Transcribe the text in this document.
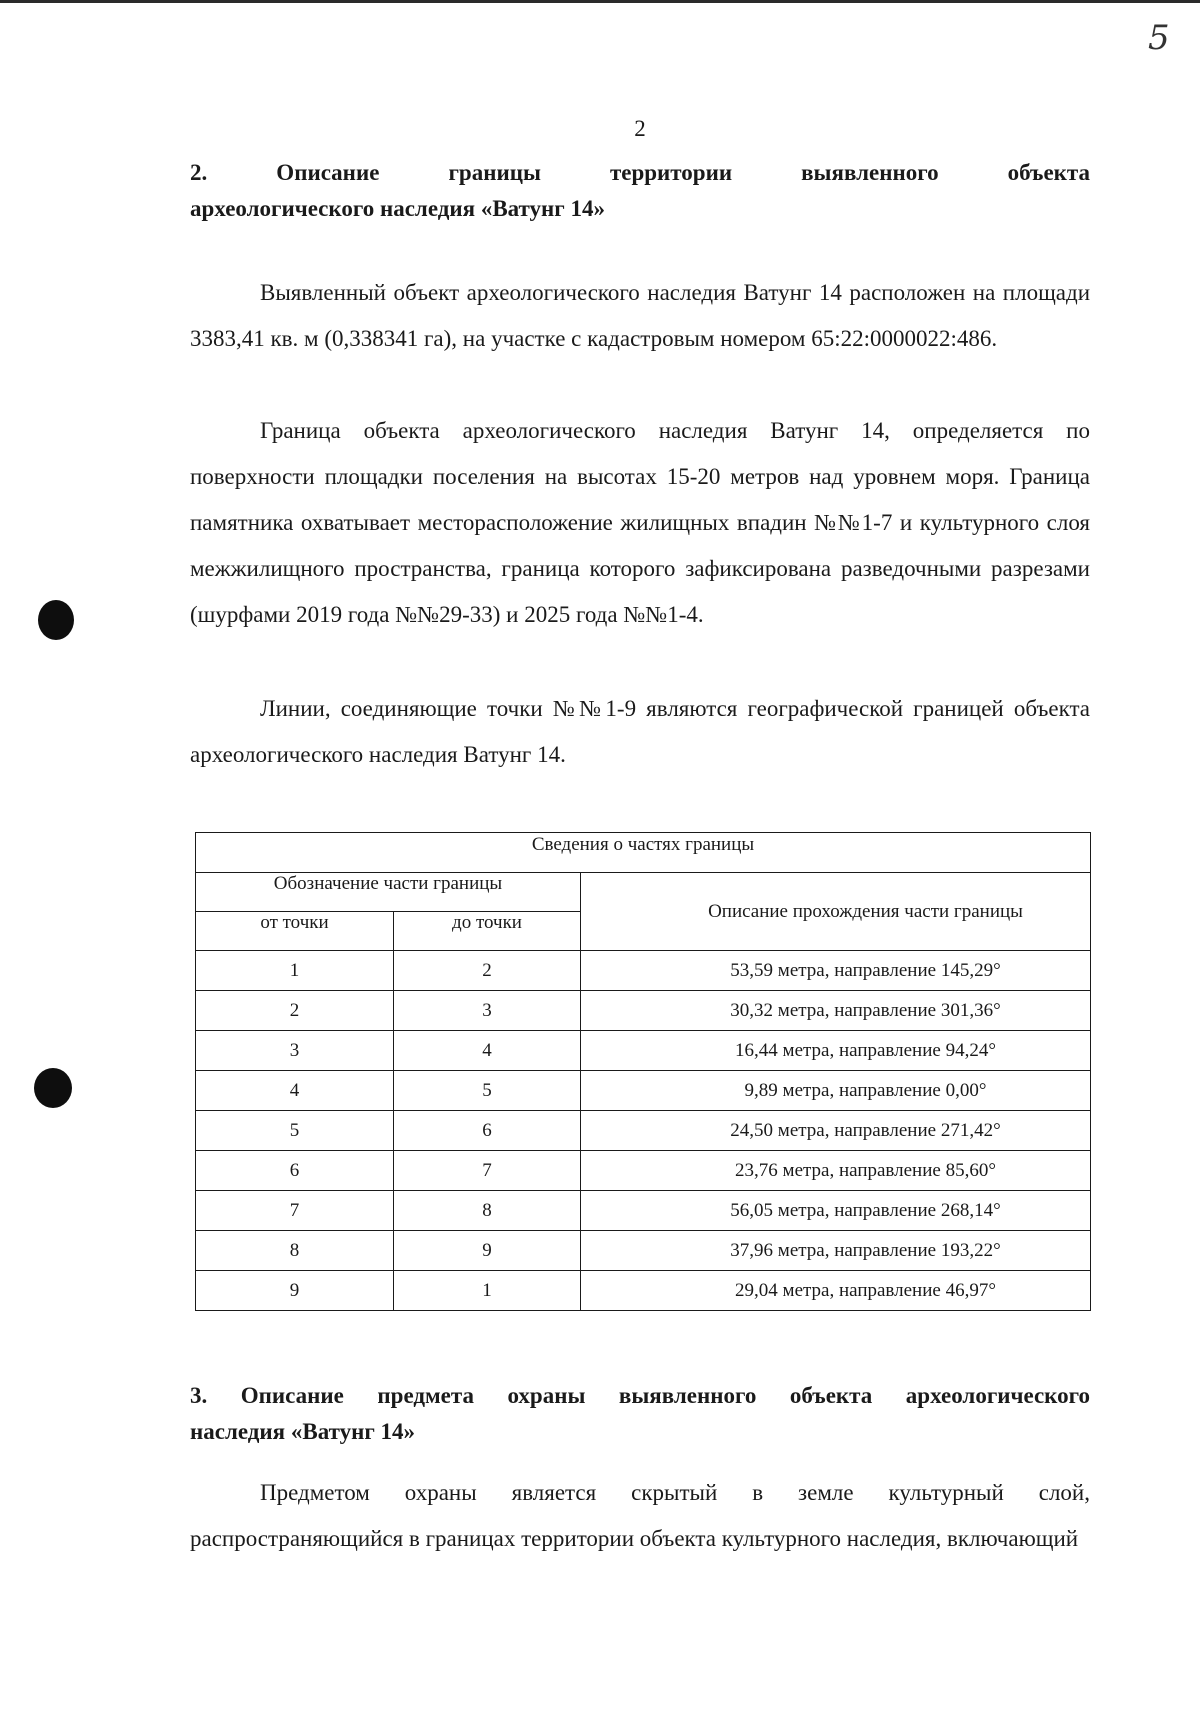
5
2
2. Описание границы территории выявленного объекта
археологического наследия «Ватунг 14»

Выявленный объект археологического наследия Ватунг 14 расположен на площади 3383,41 кв. м (0,338341 га), на участке с кадастровым номером 65:22:0000022:486.

Граница объекта археологического наследия Ватунг 14, определяется по поверхности площадки поселения на высотах 15-20 метров над уровнем моря. Граница памятника охватывает месторасположение жилищных впадин №№1-7 и культурного слоя межжилищного пространства, граница которого зафиксирована разведочными разрезами (шурфами 2019 года №№29-33) и 2025 года №№1-4.

Линии, соединяющие точки №№1-9 являются географической границей объекта археологического наследия Ватунг 14.

Сведения о частях границы		
Обозначение части границы		Описание прохождения части границы
от точки	до точки	
1	2	53,59 метра, направление 145,29°
2	3	30,32 метра, направление 301,36°
3	4	16,44 метра, направление 94,24°
4	5	9,89 метра, направление 0,00°
5	6	24,50 метра, направление 271,42°
6	7	23,76 метра, направление 85,60°
7	8	56,05 метра, направление 268,14°
8	9	37,96 метра, направление 193,22°
9	1	29,04 метра, направление 46,97°
3. Описание предмета охраны выявленного объекта археологического
наследия «Ватунг 14»

Предметом охраны является скрытый в земле культурный слой, распространяющийся в границах территории объекта культурного наследия, включающий
